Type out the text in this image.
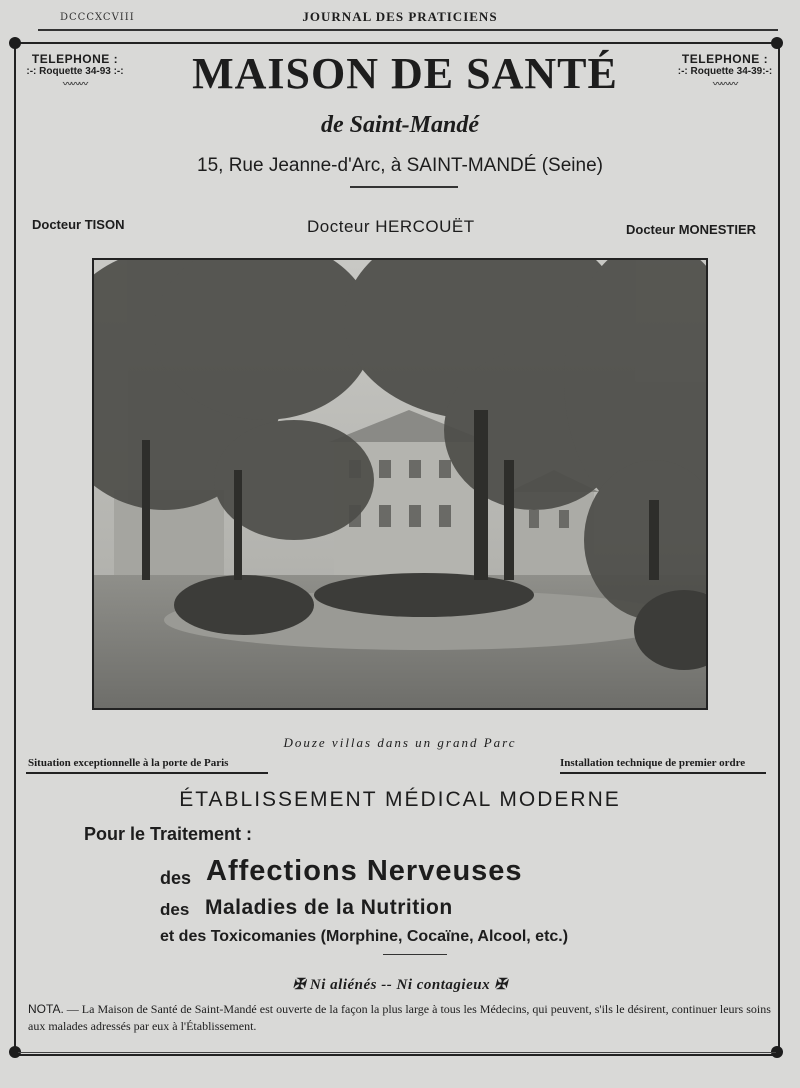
DCCCXCVIII	JOURNAL DES PRATICIENS
TELEPHONE :
:-: Roquette 34-93 :-:
〰〰〰
TELEPHONE :
:-: Roquette 34-39:-:
〰〰〰
MAISON DE SANTÉ
de Saint-Mandé
15, Rue Jeanne-d'Arc, à SAINT-MANDÉ (Seine)
Docteur TISON	Docteur HERCOUËT	Docteur MONESTIER
Douze villas dans un grand Parc
Situation exceptionnelle à la porte de Paris	Installation technique de premier ordre
ÉTABLISSEMENT MÉDICAL MODERNE
Pour le Traitement :
des Affections Nerveuses
des Maladies de la Nutrition
et des Toxicomanies (Morphine, Cocaïne, Alcool, etc.)
✠ Ni aliénés -- Ni contagieux ✠
NOTA. — La Maison de Santé de Saint-Mandé est ouverte de la façon la plus large à tous les Médecins, qui peuvent, s'ils le désirent, continuer leurs soins aux malades adressés par eux à l'Établissement.
